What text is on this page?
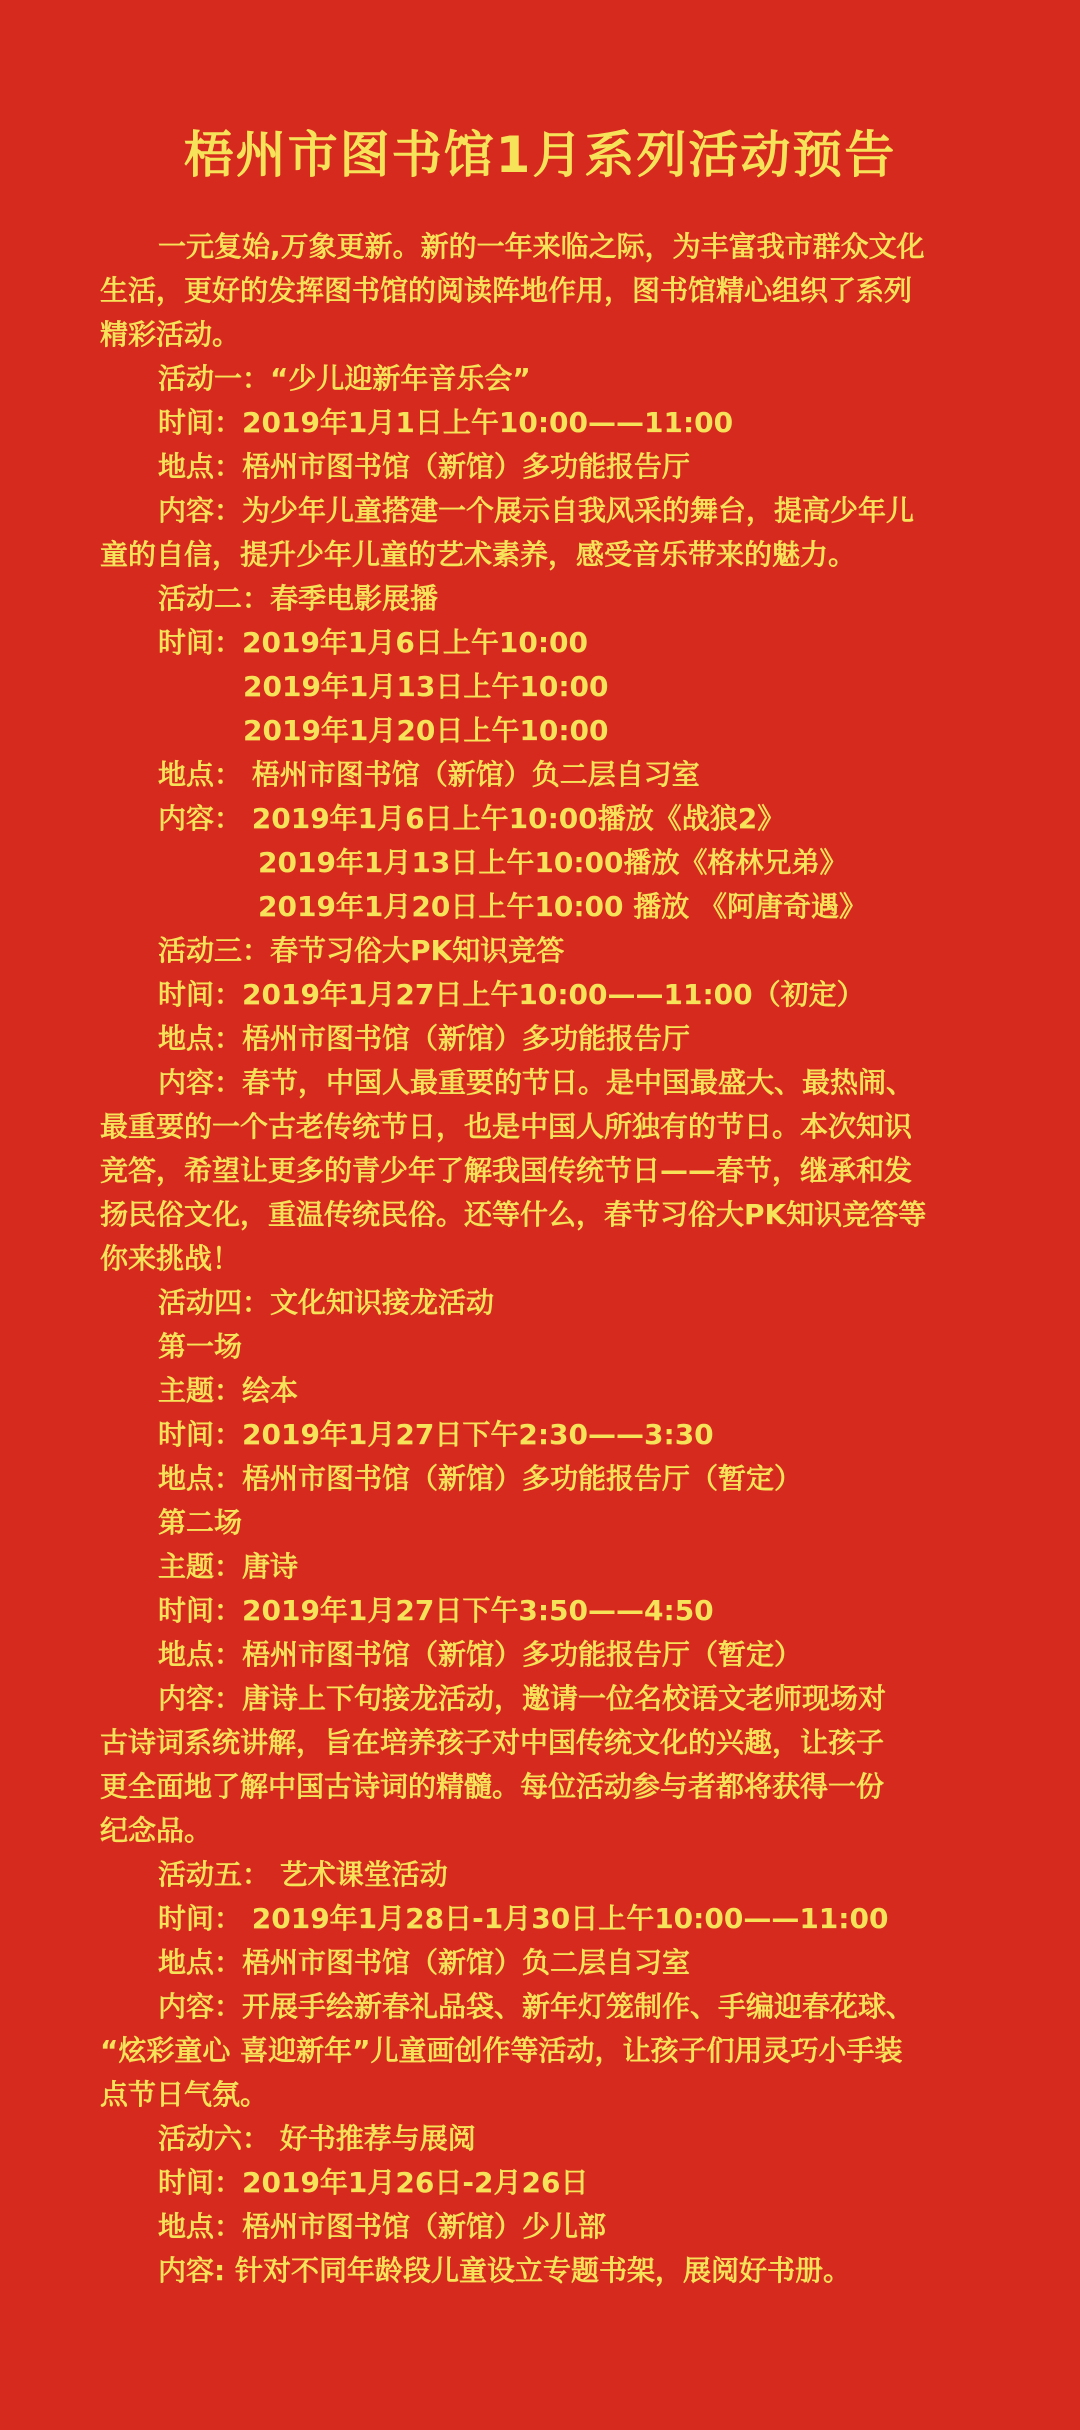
梧州市图书馆1月系列活动预告
一元复始,万象更新。新的一年来临之际，为丰富我市群众文化
生活，更好的发挥图书馆的阅读阵地作用，图书馆精心组织了系列
精彩活动。
活动一：“少儿迎新年音乐会”
时间：2019年1月1日上午10:00——11:00
地点：梧州市图书馆（新馆）多功能报告厅
内容：为少年儿童搭建一个展示自我风采的舞台，提高少年儿
童的自信，提升少年儿童的艺术素养，感受音乐带来的魅力。
活动二：春季电影展播
时间：2019年1月6日上午10:00
2019年1月13日上午10:00
2019年1月20日上午10:00
地点： 梧州市图书馆（新馆）负二层自习室
内容： 2019年1月6日上午10:00播放《战狼2》
2019年1月13日上午10:00播放《格林兄弟》
2019年1月20日上午10:00 播放 《阿唐奇遇》
活动三：春节习俗大PK知识竞答
时间：2019年1月27日上午10:00——11:00（初定）
地点：梧州市图书馆（新馆）多功能报告厅
内容：春节，中国人最重要的节日。是中国最盛大、最热闹、
最重要的一个古老传统节日，也是中国人所独有的节日。本次知识
竞答，希望让更多的青少年了解我国传统节日——春节，继承和发
扬民俗文化，重温传统民俗。还等什么，春节习俗大PK知识竞答等
你来挑战！
活动四：文化知识接龙活动
第一场
主题：绘本
时间：2019年1月27日下午2:30——3:30
地点：梧州市图书馆（新馆）多功能报告厅（暂定）
第二场
主题：唐诗
时间：2019年1月27日下午3:50——4:50
地点：梧州市图书馆（新馆）多功能报告厅（暂定）
内容：唐诗上下句接龙活动，邀请一位名校语文老师现场对
古诗词系统讲解，旨在培养孩子对中国传统文化的兴趣，让孩子
更全面地了解中国古诗词的精髓。每位活动参与者都将获得一份
纪念品。
活动五： 艺术课堂活动
时间： 2019年1月28日-1月30日上午10:00——11:00
地点：梧州市图书馆（新馆）负二层自习室
内容：开展手绘新春礼品袋、新年灯笼制作、手编迎春花球、
“炫彩童心 喜迎新年”儿童画创作等活动，让孩子们用灵巧小手装
点节日气氛。
活动六： 好书推荐与展阅
时间：2019年1月26日-2月26日
地点：梧州市图书馆（新馆）少儿部
内容: 针对不同年龄段儿童设立专题书架，展阅好书册。
